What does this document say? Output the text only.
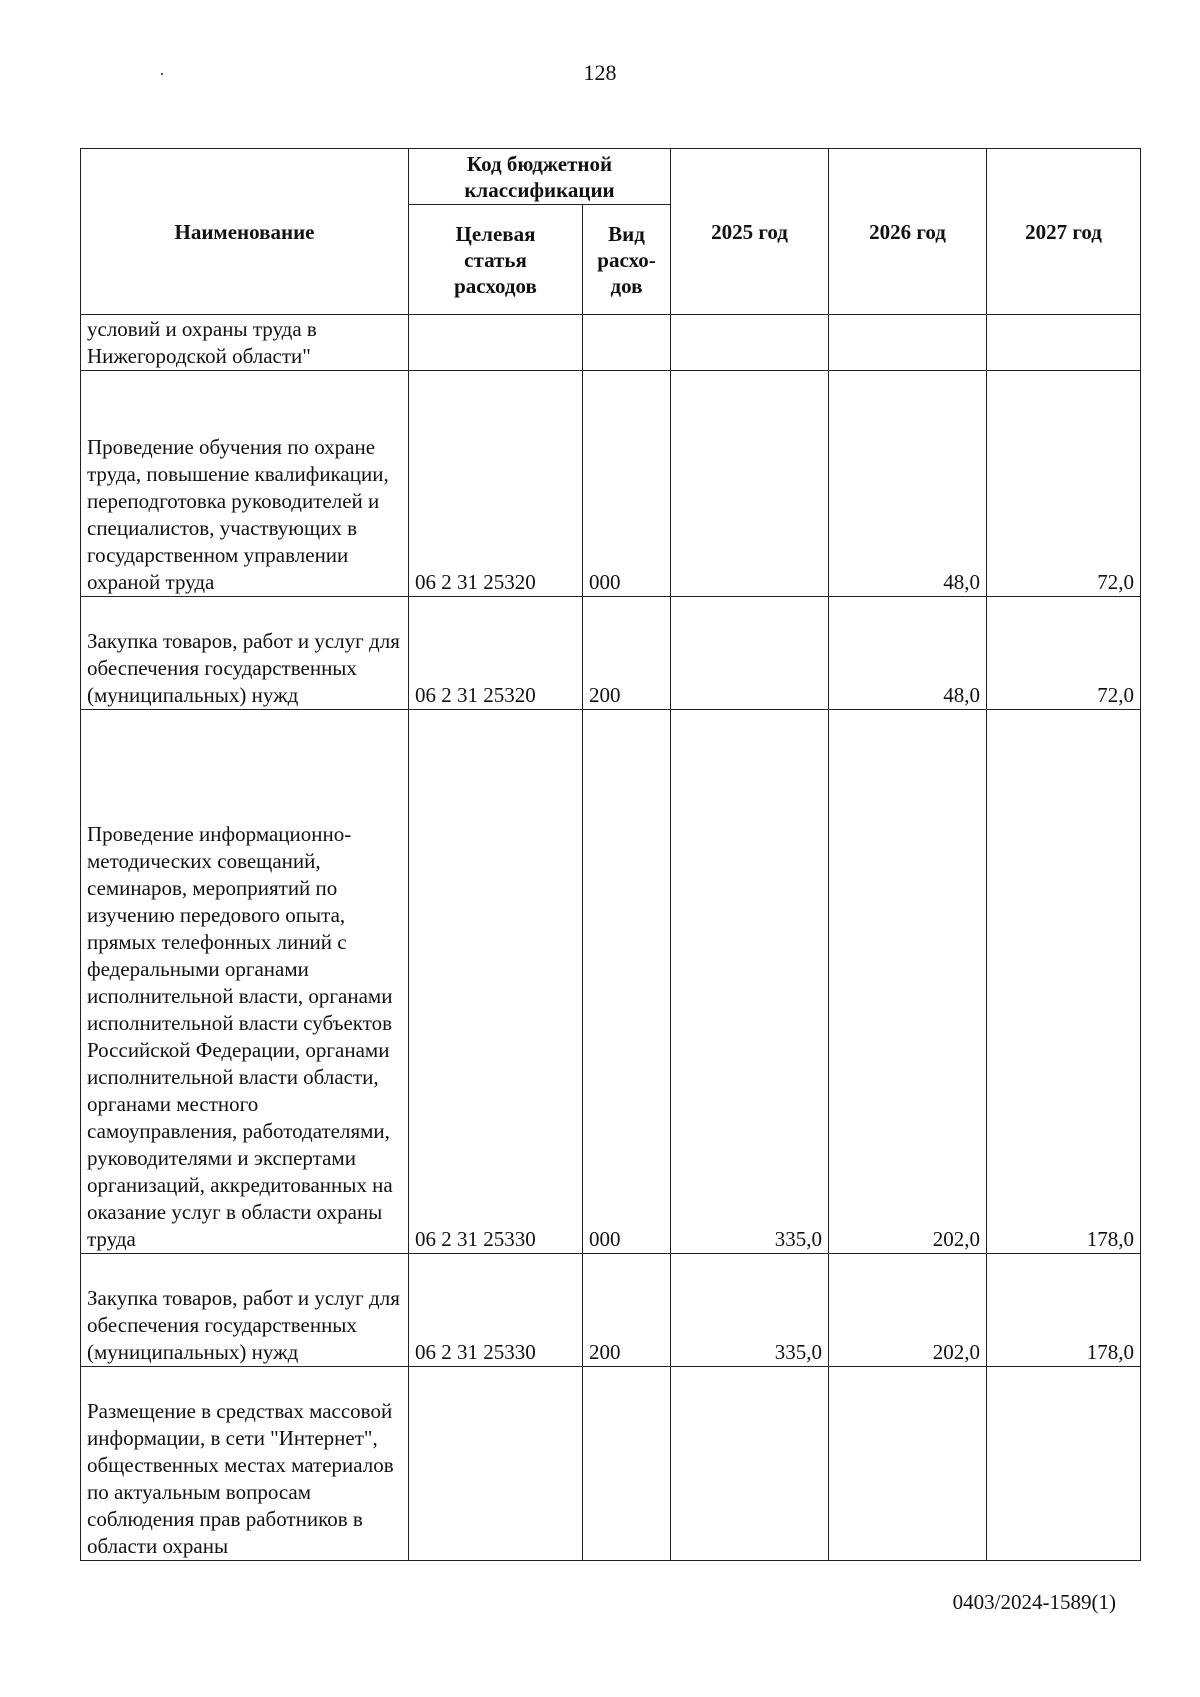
128
Наименование	Код бюджетной классификации		2025 год	2026 год	2027 год
	Целевая статья расходов	Вид расхо-дов			
условий и охраны труда в Нижегородской области"					
Проведение обучения по охране труда, повышение квалификации, переподготовка руководителей и специалистов, участвующих в государственном управлении охраной труда	06 2 31 25320	000		48,0	72,0
Закупка товаров, работ и услуг для обеспечения государственных (муниципальных) нужд	06 2 31 25320	200		48,0	72,0
Проведение информационно-методических совещаний, семинаров, мероприятий по изучению передового опыта, прямых телефонных линий с федеральными органами исполнительной власти, органами исполнительной власти субъектов Российской Федерации, органами исполнительной власти области, органами местного самоуправления, работодателями, руководителями и экспертами организаций, аккредитованных на оказание услуг в области охраны труда	06 2 31 25330	000	335,0	202,0	178,0
Закупка товаров, работ и услуг для обеспечения государственных (муниципальных) нужд	06 2 31 25330	200	335,0	202,0	178,0
Размещение в средствах массовой информации, в сети "Интернет", общественных местах материалов по актуальным вопросам соблюдения прав работников в области охраны					
0403/2024-1589(1)
